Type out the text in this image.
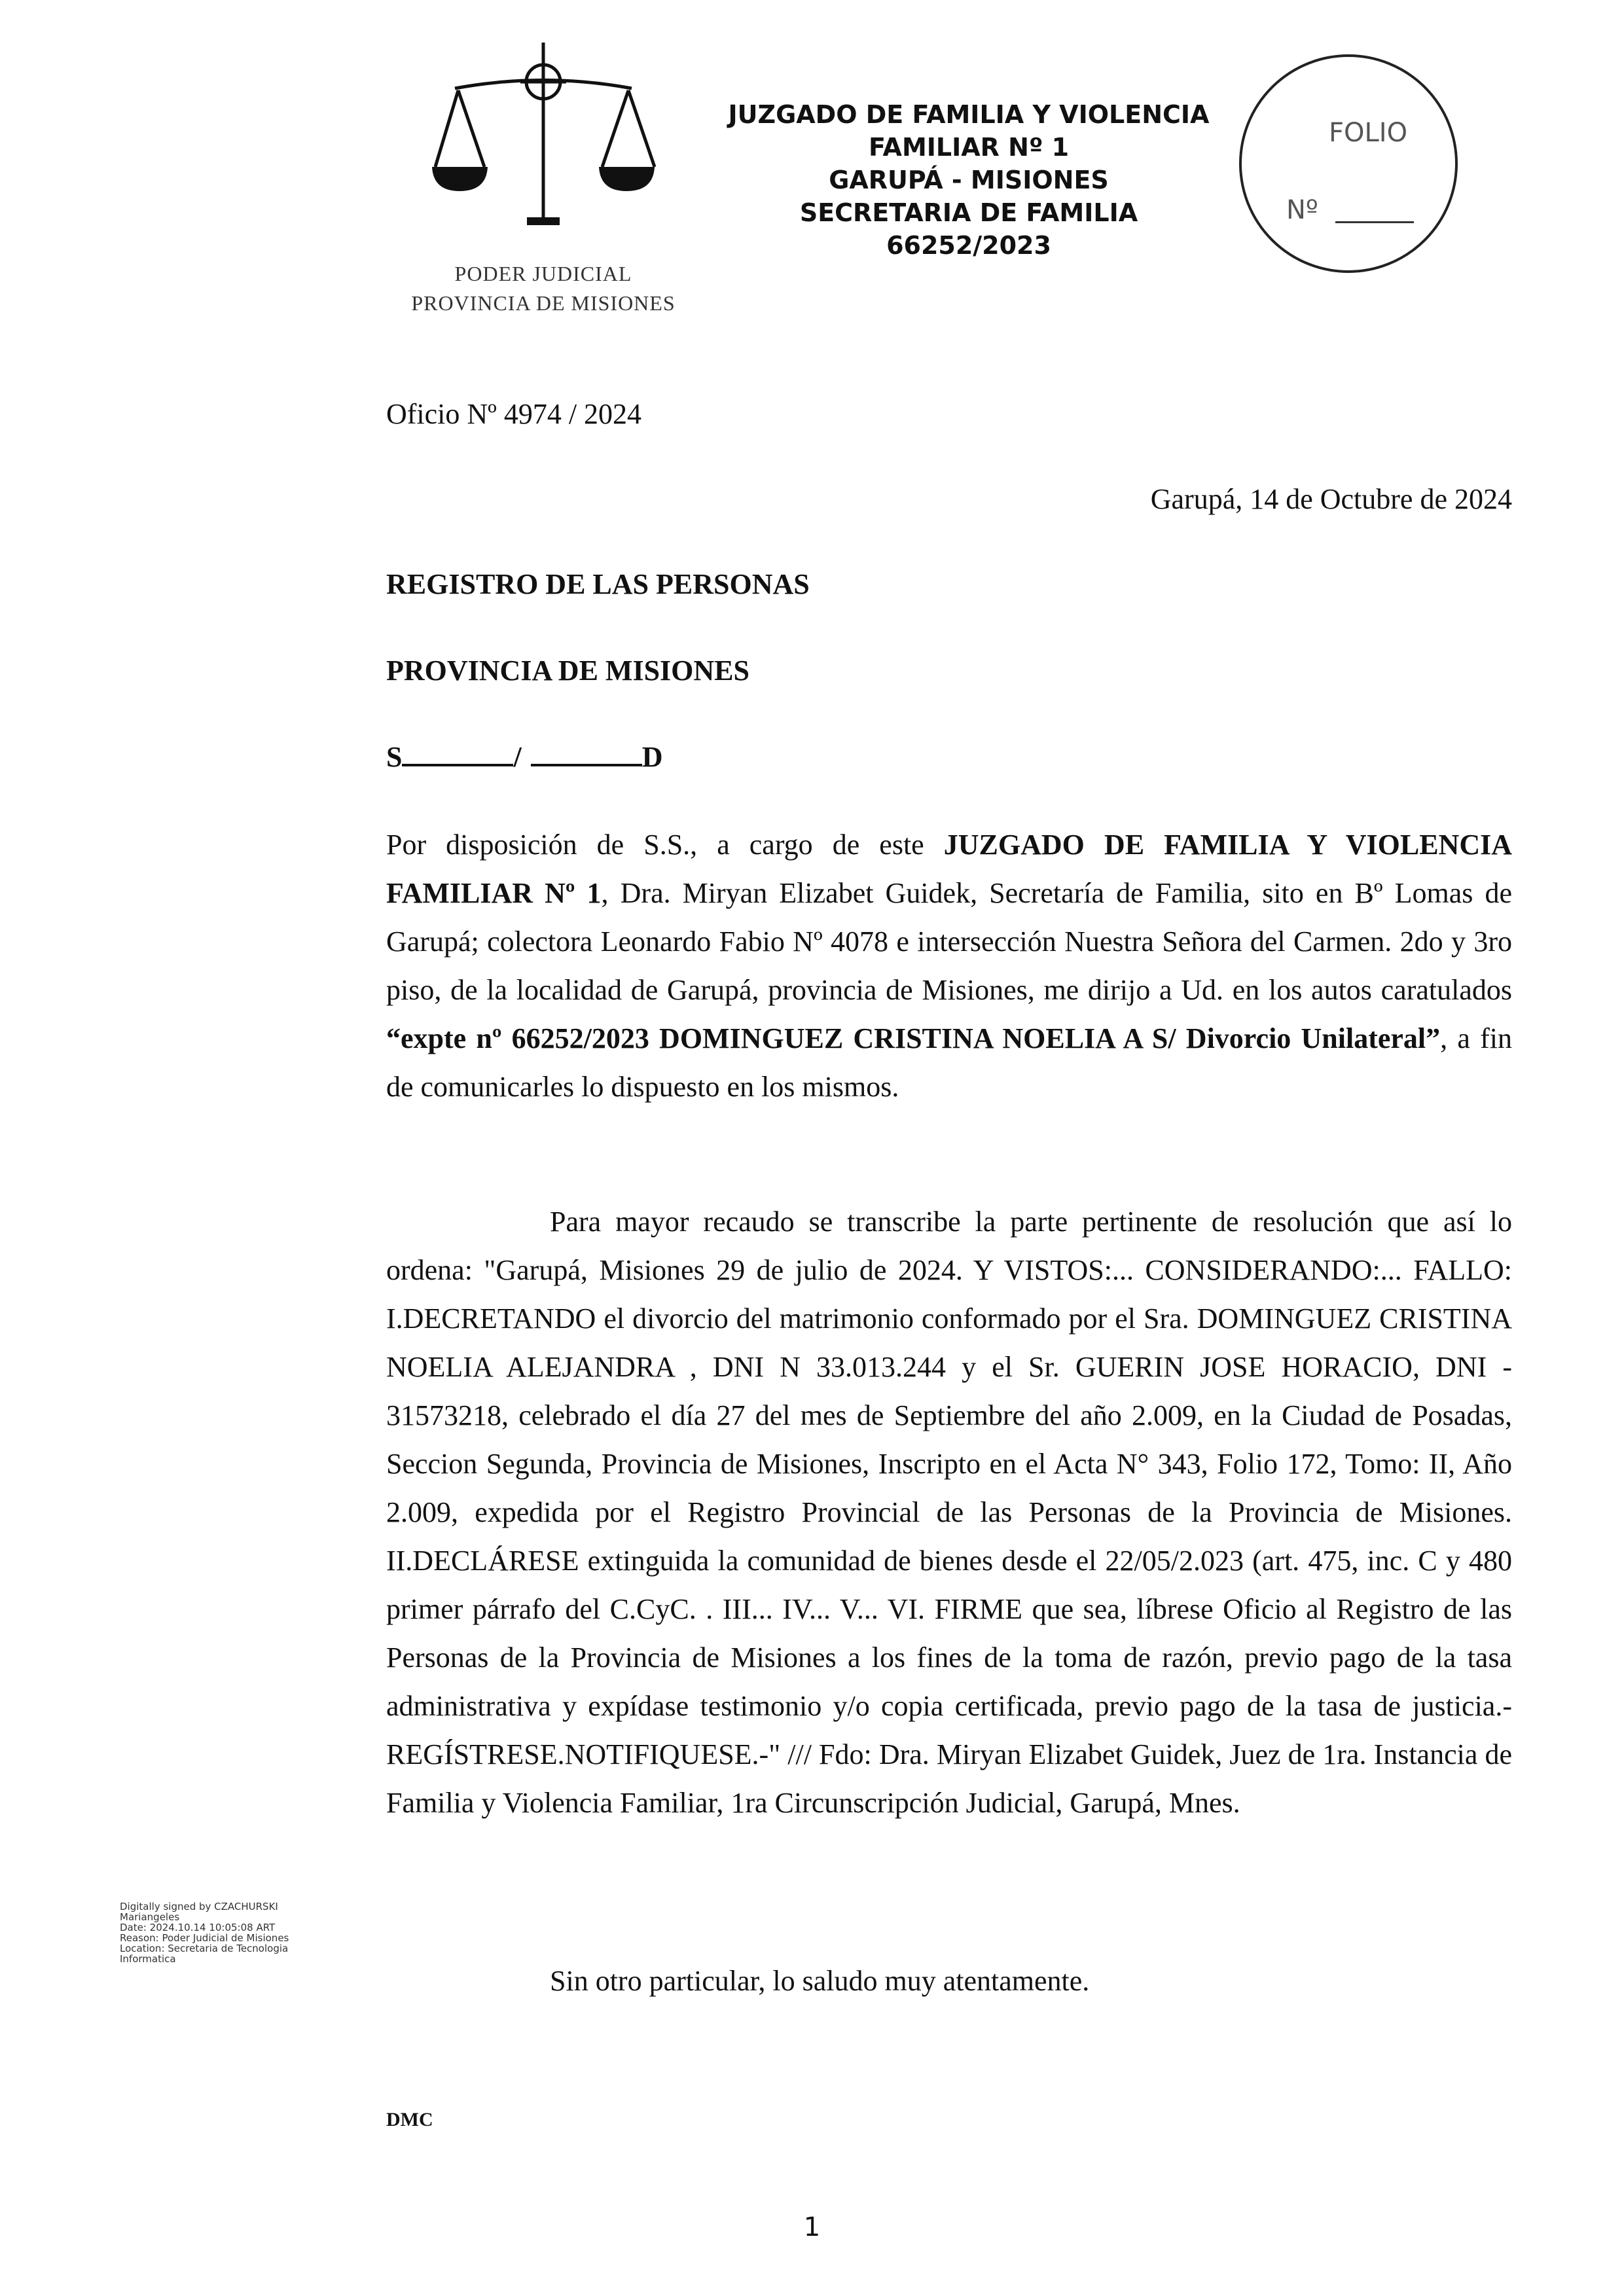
PODER JUDICIAL
PROVINCIA DE MISIONES
JUZGADO DE FAMILIA Y VIOLENCIA
FAMILIAR Nº 1
GARUPÁ - MISIONES
SECRETARIA DE FAMILIA
66252/2023
FOLIO
Nº
Oficio Nº 4974 / 2024
Garupá, 14 de Octubre de 2024
REGISTRO DE LAS PERSONAS
PROVINCIA DE MISIONES
S	/	D
Por disposición de S.S., a cargo de este JUZGADO DE FAMILIA Y VIOLENCIA FAMILIAR Nº 1, Dra. Miryan Elizabet Guidek, Secretaría de Familia, sito en Bº Lomas de Garupá; colectora Leonardo Fabio Nº 4078 e intersección Nuestra Señora del Carmen. 2do y 3ro piso, de la localidad de Garupá, provincia de Misiones, me dirijo a Ud. en los autos caratulados “expte nº 66252/2023 DOMINGUEZ CRISTINA NOELIA A S/ Divorcio Unilateral”, a fin de comunicarles lo dispuesto en los mismos.
Para mayor recaudo se transcribe la parte pertinente de resolución que así lo ordena: "Garupá, Misiones 29 de julio de 2024. Y VISTOS:... CONSIDERANDO:... FALLO: I.DECRETANDO el divorcio del matrimonio conformado por el Sra. DOMINGUEZ CRISTINA NOELIA ALEJANDRA , DNI N 33.013.244 y el Sr. GUERIN JOSE HORACIO, DNI - 31573218, celebrado el día 27 del mes de Septiembre del año 2.009, en la Ciudad de Posadas, Seccion Segunda, Provincia de Misiones, Inscripto en el Acta N° 343, Folio 172, Tomo: II, Año 2.009, expedida por el Registro Provincial de las Personas de la Provincia de Misiones. II.DECLÁRESE extinguida la comunidad de bienes desde el 22/05/2.023 (art. 475, inc. C y 480 primer párrafo del C.CyC. . III... IV... V... VI. FIRME que sea, líbrese Oficio al Registro de las Personas de la Provincia de Misiones a los fines de la toma de razón, previo pago de la tasa administrativa y expídase testimonio y/o copia certificada, previo pago de la tasa de justicia.- REGÍSTRESE.NOTIFIQUESE.-" /// Fdo: Dra. Miryan Elizabet Guidek, Juez de 1ra. Instancia de Familia y Violencia Familiar, 1ra Circunscripción Judicial, Garupá, Mnes.
Digitally signed by CZACHURSKI
Mariangeles
Date: 2024.10.14 10:05:08 ART
Reason: Poder Judicial de Misiones
Location: Secretaria de Tecnologia
Informatica
Sin otro particular, lo saludo muy atentamente.
DMC
1
